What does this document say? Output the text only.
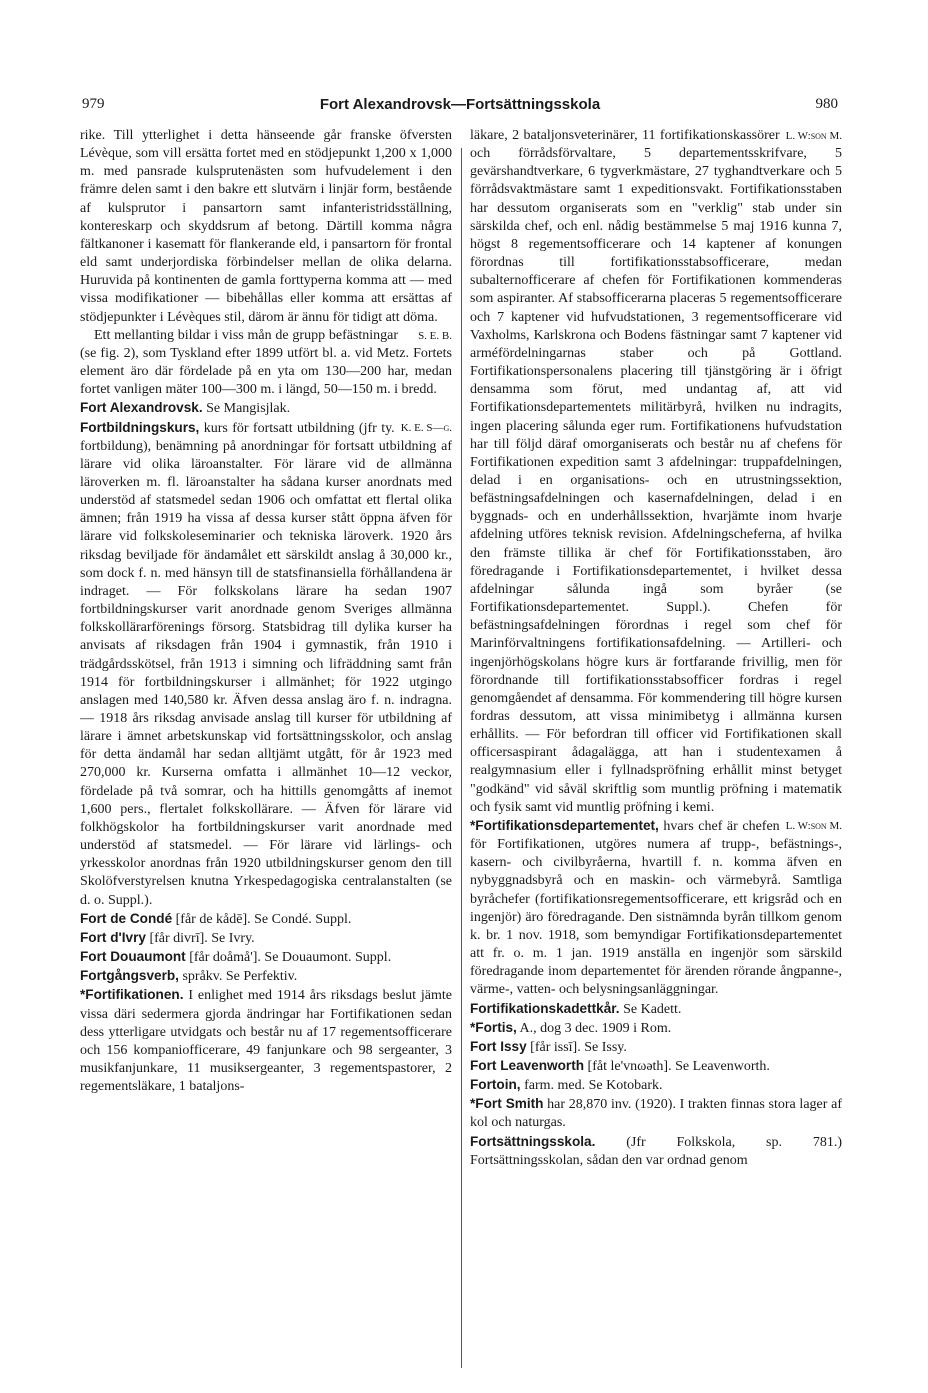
979	Fort Alexandrovsk—Fortsättningsskola	980

rike. Till ytterlighet i detta hänseende går franske öfversten Lévèque, som vill ersätta fortet med en stödjepunkt 1,200 x 1,000 m. med pansrade kulsprutenästen som hufvudelement i den främre delen samt i den bakre ett slutvärn i linjär form, bestående af kulsprutor i pansartorn samt infanteristridsställning, kontereskarp och skyddsrum af betong. Därtill komma några fältkanoner i kasematt för flankerande eld, i pansartorn för frontal eld samt underjordiska förbindelser mellan de olika delarna. Huruvida på kontinenten de gamla forttyperna komma att — med vissa modifikationer — bibehållas eller komma att ersättas af stödjepunkter i Lévèques stil, därom är ännu för tidigt att döma.

S. E. B.
Ett mellanting bildar i viss mån de grupp befästningar (se fig. 2), som Tyskland efter 1899 utfört bl. a. vid Metz. Fortets element äro där fördelade på en yta om 130—200 har, medan fortet vanligen mäter 100—300 m. i längd, 50—150 m. i bredd.

Fort Alexandrovsk. Se Mangisjlak.

K. E. S—g.
Fortbildningskurs, kurs för fortsatt utbildning (jfr ty. fortbildung), benämning på anordningar för fortsatt utbildning af lärare vid olika läroanstalter. För lärare vid de allmänna läroverken m. fl. läroanstalter ha sådana kurser anordnats med understöd af statsmedel sedan 1906 och omfattat ett flertal olika ämnen; från 1919 ha vissa af dessa kurser stått öppna äfven för lärare vid folkskoleseminarier och tekniska läroverk. 1920 års riksdag beviljade för ändamålet ett särskildt anslag å 30,000 kr., som dock f. n. med hänsyn till de statsfinansiella förhållandena är indraget. — För folkskolans lärare ha sedan 1907 fortbildningskurser varit anordnade genom Sveriges allmänna folkskollärarförenings försorg. Statsbidrag till dylika kurser ha anvisats af riksdagen från 1904 i gymnastik, från 1910 i trädgårdsskötsel, från 1913 i simning och lifräddning samt från 1914 för fortbildningskurser i allmänhet; för 1922 utgingo anslagen med 140,580 kr. Äfven dessa anslag äro f. n. indragna. — 1918 års riksdag anvisade anslag till kurser för utbildning af lärare i ämnet arbetskunskap vid fortsättningsskolor, och anslag för detta ändamål har sedan alltjämt utgått, för år 1923 med 270,000 kr. Kurserna omfatta i allmänhet 10—12 veckor, fördelade på två somrar, och ha hittills genomgåtts af inemot 1,600 pers., flertalet folkskollärare. — Äfven för lärare vid folkhögskolor ha fortbildningskurser varit anordnade med understöd af statsmedel. — För lärare vid lärlings- och yrkesskolor anordnas från 1920 utbildningskurser genom den till Skolöfverstyrelsen knutna Yrkespedagogiska centralanstalten (se d. o. Suppl.).

Fort de Condé [får de kådē]. Se Condé. Suppl.

Fort d'Ivry [får divrī]. Se Ivry.

Fort Douaumont [får doåmå']. Se Douaumont. Suppl.

Fortgångsverb, språkv. Se Perfektiv.

*Fortifikationen. I enlighet med 1914 års riksdags beslut jämte vissa däri sedermera gjorda ändringar har Fortifikationen sedan dess ytterligare utvidgats och består nu af 17 regementsofficerare och 156 kompaniofficerare, 49 fanjunkare och 98 sergeanter, 3 musikfanjunkare, 11 musiksergeanter, 3 regementspastorer, 2 regementsläkare, 1 bataljons-

L. W:son M.
läkare, 2 bataljonsveterinärer, 11 fortifikationskassörer och förrådsförvaltare, 5 departementsskrifvare, 5 gevärshandtverkare, 6 tygverkmästare, 27 tyghandtverkare och 5 förrådsvaktmästare samt 1 expeditionsvakt. Fortifikationsstaben har dessutom organiserats som en "verklig" stab under sin särskilda chef, och enl. nådig bestämmelse 5 maj 1916 kunna 7, högst 8 regementsofficerare och 14 kaptener af konungen förordnas till fortifikationsstabsofficerare, medan subalternofficerare af chefen för Fortifikationen kommenderas som aspiranter. Af stabsofficerarna placeras 5 regementsofficerare och 7 kaptener vid hufvudstationen, 3 regementsofficerare vid Vaxholms, Karlskrona och Bodens fästningar samt 7 kaptener vid arméfördelningarnas staber och på Gottland. Fortifikationspersonalens placering till tjänstgöring är i öfrigt densamma som förut, med undantag af, att vid Fortifikationsdepartementets militärbyrå, hvilken nu indragits, ingen placering sålunda eger rum. Fortifikationens hufvudstation har till följd däraf omorganiserats och består nu af chefens för Fortifikationen expedition samt 3 afdelningar: truppafdelningen, delad i en organisations- och en utrustningssektion, befästningsafdelningen och kasernafdelningen, delad i en byggnads- och en underhållssektion, hvarjämte inom hvarje afdelning utföres teknisk revision. Afdelningscheferna, af hvilka den främste tillika är chef för Fortifikationsstaben, äro föredragande i Fortifikationsdepartementet, i hvilket dessa afdelningar sålunda ingå som byråer (se Fortifikationsdepartementet. Suppl.). Chefen för befästningsafdelningen förordnas i regel som chef för Marinförvaltningens fortifikationsafdelning. — Artilleri- och ingenjörhögskolans högre kurs är fortfarande frivillig, men för förordnande till fortifikationsstabsofficer fordras i regel genomgåendet af densamma. För kommendering till högre kursen fordras dessutom, att vissa minimibetyg i allmänna kursen erhållits. — För befordran till officer vid Fortifikationen skall officersaspirant ådagalägga, att han i studentexamen å realgymnasium eller i fyllnadspröfning erhållit minst betyget "godkänd" vid såväl skriftlig som muntlig pröfning i matematik och fysik samt vid muntlig pröfning i kemi.

L. W:son M.
*Fortifikationsdepartementet, hvars chef är chefen för Fortifikationen, utgöres numera af trupp-, befästnings-, kasern- och civilbyråerna, hvartill f. n. komma äfven en nybyggnadsbyrå och en maskin- och värmebyrå. Samtliga byråchefer (fortifikationsregementsofficerare, ett krigsråd och en ingenjör) äro föredragande. Den sistnämnda byrån tillkom genom k. br. 1 nov. 1918, som bemyndigar Fortifikationsdepartementet att fr. o. m. 1 jan. 1919 anställa en ingenjör som särskild föredragande inom departementet för ärenden rörande ångpanne-, värme-, vatten- och belysningsanläggningar.

Fortifikationskadettkår. Se Kadett.

*Fortis, A., dog 3 dec. 1909 i Rom.

Fort Issy [får issī]. Se Issy.

Fort Leavenworth [fåt le'vnωəth]. Se Leavenworth.

Fortoin, farm. med. Se Kotobark.

*Fort Smith har 28,870 inv. (1920). I trakten finnas stora lager af kol och naturgas.

Fortsättningsskola. (Jfr Folkskola, sp. 781.) Fortsättningsskolan, sådan den var ordnad genom
